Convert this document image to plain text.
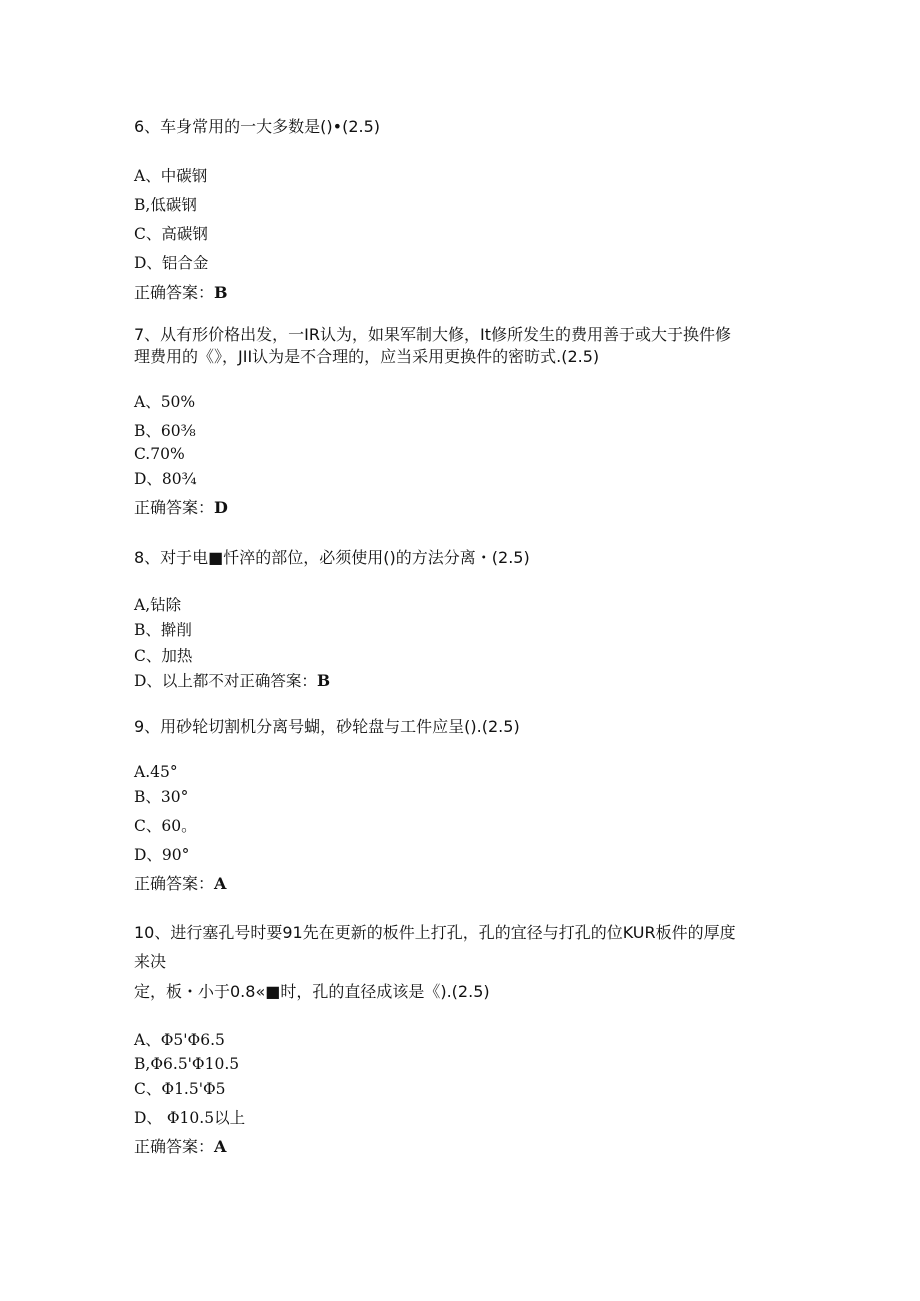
6、车身常用的一大多数是()•(2.5)
A、中碳钢
B,低碳钢
C、高碳钢
D、铝合金
正确答案：B
7、从有形价格出发，一IR认为，如果军制大修，It修所发生的费用善于或大于换件修
理费用的《》，JII认为是不合理的，应当采用更换件的密昉式.(2.5)
A、50%
B、60⅜
C.70%
D、80¾
正确答案：D
8、对于电■忏淬的部位，必须使用()的方法分离・(2.5)
A,钻除
B、擀削
C、加热
D、以上都不对正确答案：B
9、用砂轮切割机分离号蝴，砂轮盘与工件应呈().(2.5)
A.45°
B、30°
C、60。
D、90°
正确答案：A
10、进行塞孔号时要91先在更新的板件上打孔，孔的宜径与打孔的位KUR板件的厚度
来决
定，板・小于0.8«■时，孔的直径成该是《).(2.5)
A、Φ5'Φ6.5
B,Φ6.5'Φ10.5
C、Φ1.5'Φ5
D、 Φ10.5以上
正确答案：A
